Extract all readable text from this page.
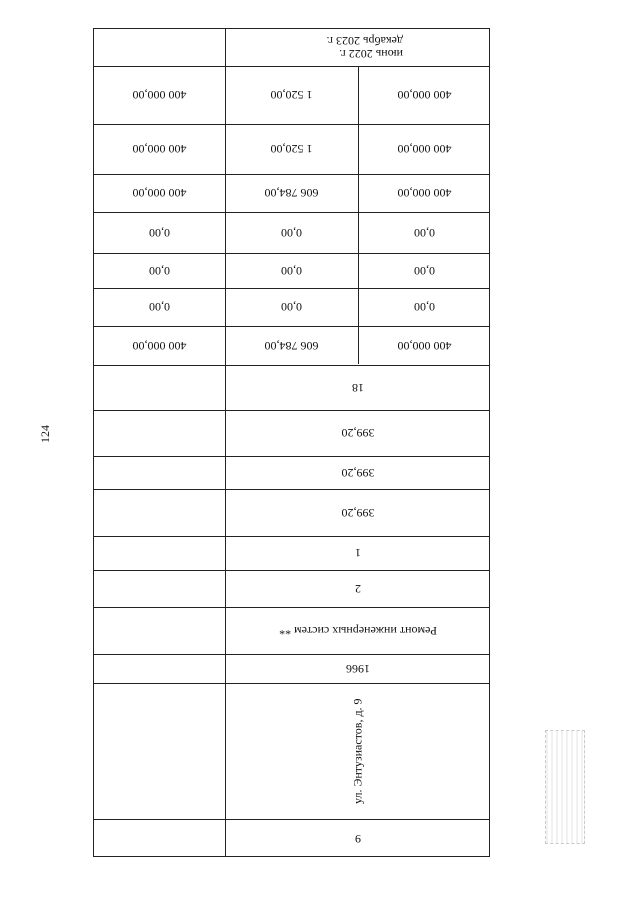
124
июнь 2022 г.
декабрь 2023 г.
400 000,00	1 520,00	400 000,00
400 000,00	1 520,00	400 000,00
400 000,00	606 784,00	400 000,00
0,00	0,00	0,00
0,00	0,00	0,00
0,00	0,00	0,00
400 000,00	606 784,00	400 000,00
18
399,20
399,20
399,20
1
2
Ремонт инженерных систем **
1966
ул. Энтузиастов, д. 9
9
